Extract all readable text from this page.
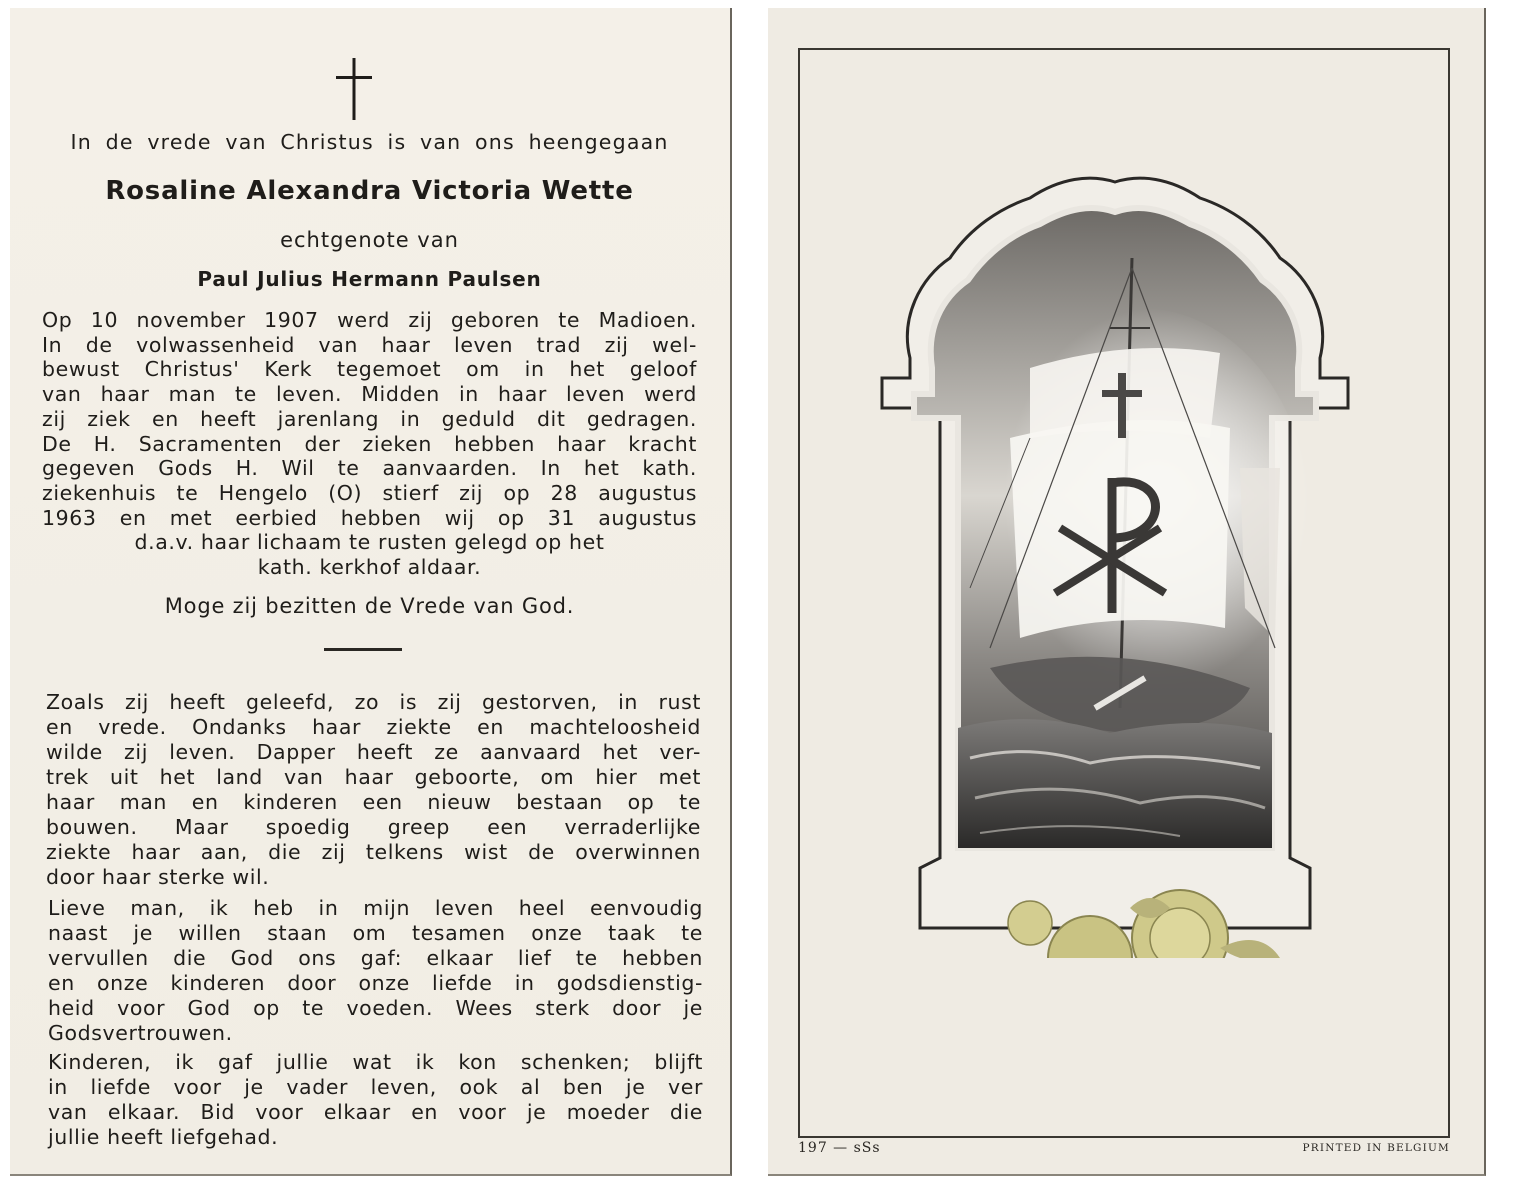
In de vrede van Christus is van ons heengegaan
Rosaline Alexandra Victoria Wette
echtgenote van
Paul Julius Hermann Paulsen
Op 10 november 1907 werd zij geboren te Madioen.
In de volwassenheid van haar leven trad zij wel-
bewust Christus' Kerk tegemoet om in het geloof
van haar man te leven. Midden in haar leven werd
zij ziek en heeft jarenlang in geduld dit gedragen.
De H. Sacramenten der zieken hebben haar kracht
gegeven Gods H. Wil te aanvaarden. In het kath.
ziekenhuis te Hengelo (O) stierf zij op 28 augustus
1963 en met eerbied hebben wij op 31 augustus
d.a.v. haar lichaam te rusten gelegd op het
kath. kerkhof aldaar.
Moge zij bezitten de Vrede van God.
Zoals zij heeft geleefd, zo is zij gestorven, in rust
en vrede. Ondanks haar ziekte en machteloosheid
wilde zij leven. Dapper heeft ze aanvaard het ver-
trek uit het land van haar geboorte, om hier met
haar man en kinderen een nieuw bestaan op te
bouwen. Maar spoedig greep een verraderlijke
ziekte haar aan, die zij telkens wist de overwinnen
door haar sterke wil.
Lieve man, ik heb in mijn leven heel eenvoudig
naast je willen staan om tesamen onze taak te
vervullen die God ons gaf: elkaar lief te hebben
en onze kinderen door onze liefde in godsdienstig-
heid voor God op te voeden. Wees sterk door je
Godsvertrouwen.
Kinderen, ik gaf jullie wat ik kon schenken; blijft
in liefde voor je vader leven, ook al ben je ver
van elkaar. Bid voor elkaar en voor je moeder die
jullie heeft liefgehad.	197 — sSs	PRINTED IN BELGIUM
